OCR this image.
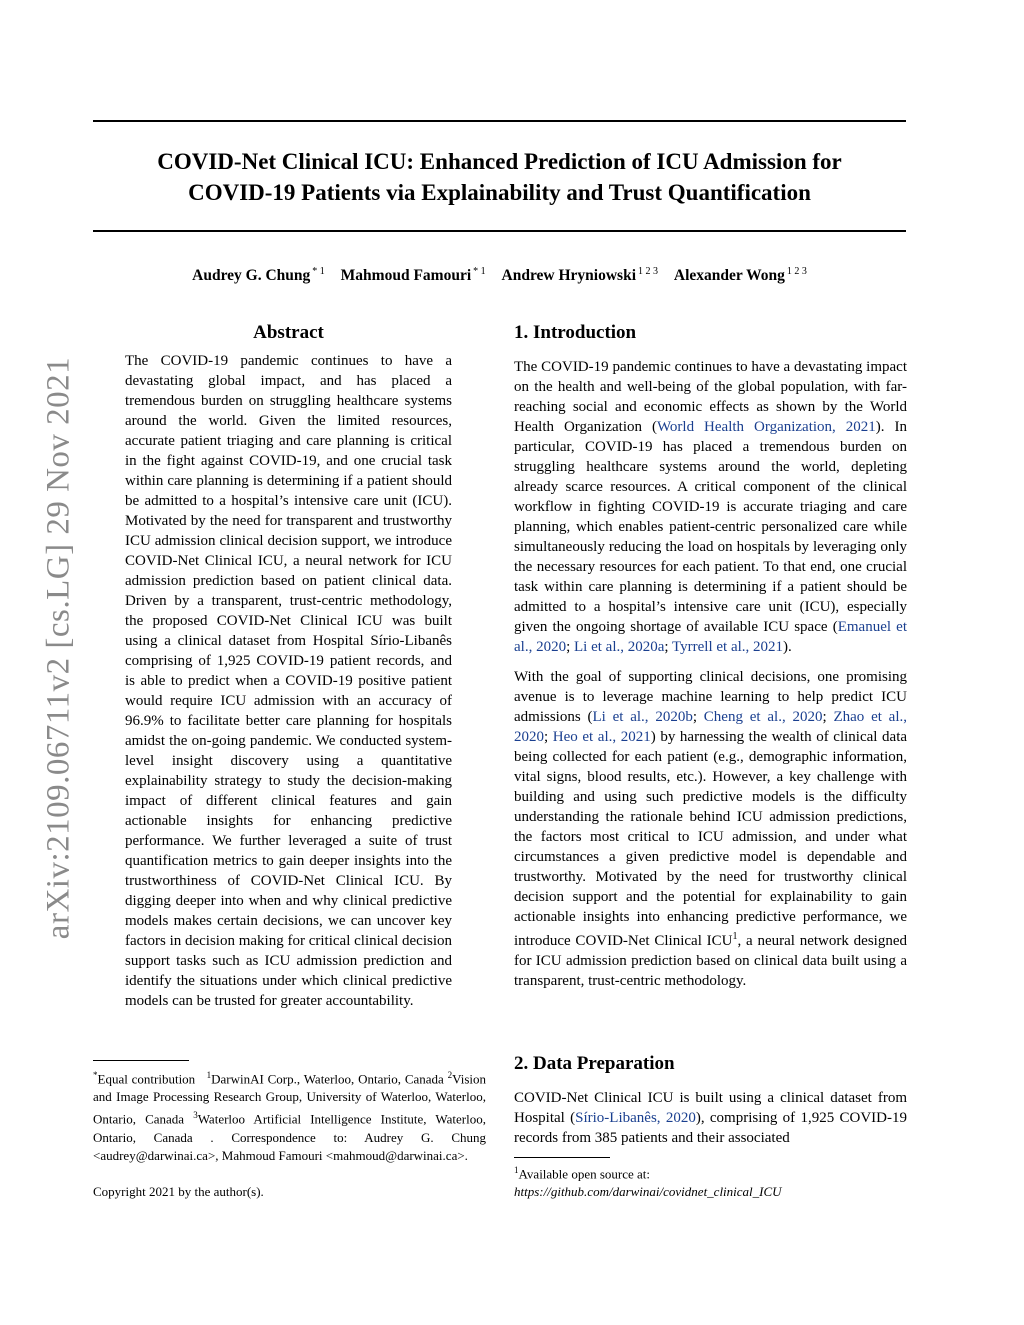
COVID-Net Clinical ICU: Enhanced Prediction of ICU Admission for
COVID-19 Patients via Explainability and Trust Quantification
Audrey G. Chung $^{* 1}$ Mahmoud Famouri $^{* 1}$ Andrew Hryniowski $^{1 2 3}$ Alexander Wong $^{1 2 3}$
arXiv:2109.06711v2 [cs.LG] 29 Nov 2021
Abstract
The COVID-19 pandemic continues to have a devastating global impact, and has placed a tremendous burden on struggling healthcare systems around the world. Given the limited resources, accurate patient triaging and care planning is critical in the fight against COVID-19, and one crucial task within care planning is determining if a patient should be admitted to a hospital’s intensive care unit (ICU). Motivated by the need for transparent and trustworthy ICU admission clinical decision support, we introduce COVID-Net Clinical ICU, a neural network for ICU admission prediction based on patient clinical data. Driven by a transparent, trust-centric methodology, the proposed COVID-Net Clinical ICU was built using a clinical dataset from Hospital Sírio-Libanês comprising of 1,925 COVID-19 patient records, and is able to predict when a COVID-19 positive patient would require ICU admission with an accuracy of 96.9% to facilitate better care planning for hospitals amidst the on-going pandemic. We conducted system-level insight discovery using a quantitative explainability strategy to study the decision-making impact of different clinical features and gain actionable insights for enhancing predictive performance. We further leveraged a suite of trust quantification metrics to gain deeper insights into the trustworthiness of COVID-Net Clinical ICU. By digging deeper into when and why clinical predictive models makes certain decisions, we can uncover key factors in decision making for critical clinical decision support tasks such as ICU admission prediction and identify the situations under which clinical predictive models can be trusted for greater accountability.
*Equal contribution $^1$DarwinAI Corp., Waterloo, Ontario, Canada $^2$Vision and Image Processing Research Group, University of Waterloo, Waterloo, Ontario, Canada $^3$Waterloo Artificial Intelligence Institute, Waterloo, Ontario, Canada . Correspondence to: Audrey G. Chung <audrey@darwinai.ca>, Mahmoud Famouri <mahmoud@darwinai.ca>.
Copyright 2021 by the author(s).
1. Introduction
The COVID-19 pandemic continues to have a devastating impact on the health and well-being of the global population, with far-reaching social and economic effects as shown by the World Health Organization (World Health Organization, 2021). In particular, COVID-19 has placed a tremendous burden on struggling healthcare systems around the world, depleting already scarce resources. A critical component of the clinical workflow in fighting COVID-19 is accurate triaging and care planning, which enables patient-centric personalized care while simultaneously reducing the load on hospitals by leveraging only the necessary resources for each patient. To that end, one crucial task within care planning is determining if a patient should be admitted to a hospital’s intensive care unit (ICU), especially given the ongoing shortage of available ICU space (Emanuel et al., 2020; Li et al., 2020a; Tyrrell et al., 2021).
With the goal of supporting clinical decisions, one promising avenue is to leverage machine learning to help predict ICU admissions (Li et al., 2020b; Cheng et al., 2020; Zhao et al., 2020; Heo et al., 2021) by harnessing the wealth of clinical data being collected for each patient (e.g., demographic information, vital signs, blood results, etc.). However, a key challenge with building and using such predictive models is the difficulty understanding the rationale behind ICU admission predictions, the factors most critical to ICU admission, and under what circumstances a given predictive model is dependable and trustworthy. Motivated by the need for trustworthy clinical decision support and the potential for explainability to gain actionable insights into enhancing predictive performance, we introduce COVID-Net Clinical ICU$^1$, a neural network designed for ICU admission prediction based on clinical data built using a transparent, trust-centric methodology.
2. Data Preparation
COVID-Net Clinical ICU is built using a clinical dataset from Hospital (Sírio-Libanês, 2020), comprising of 1,925 COVID-19 records from 385 patients and their associated
$^1$Available open source at:
https://github.com/darwinai/covidnet_clinical_ICU
